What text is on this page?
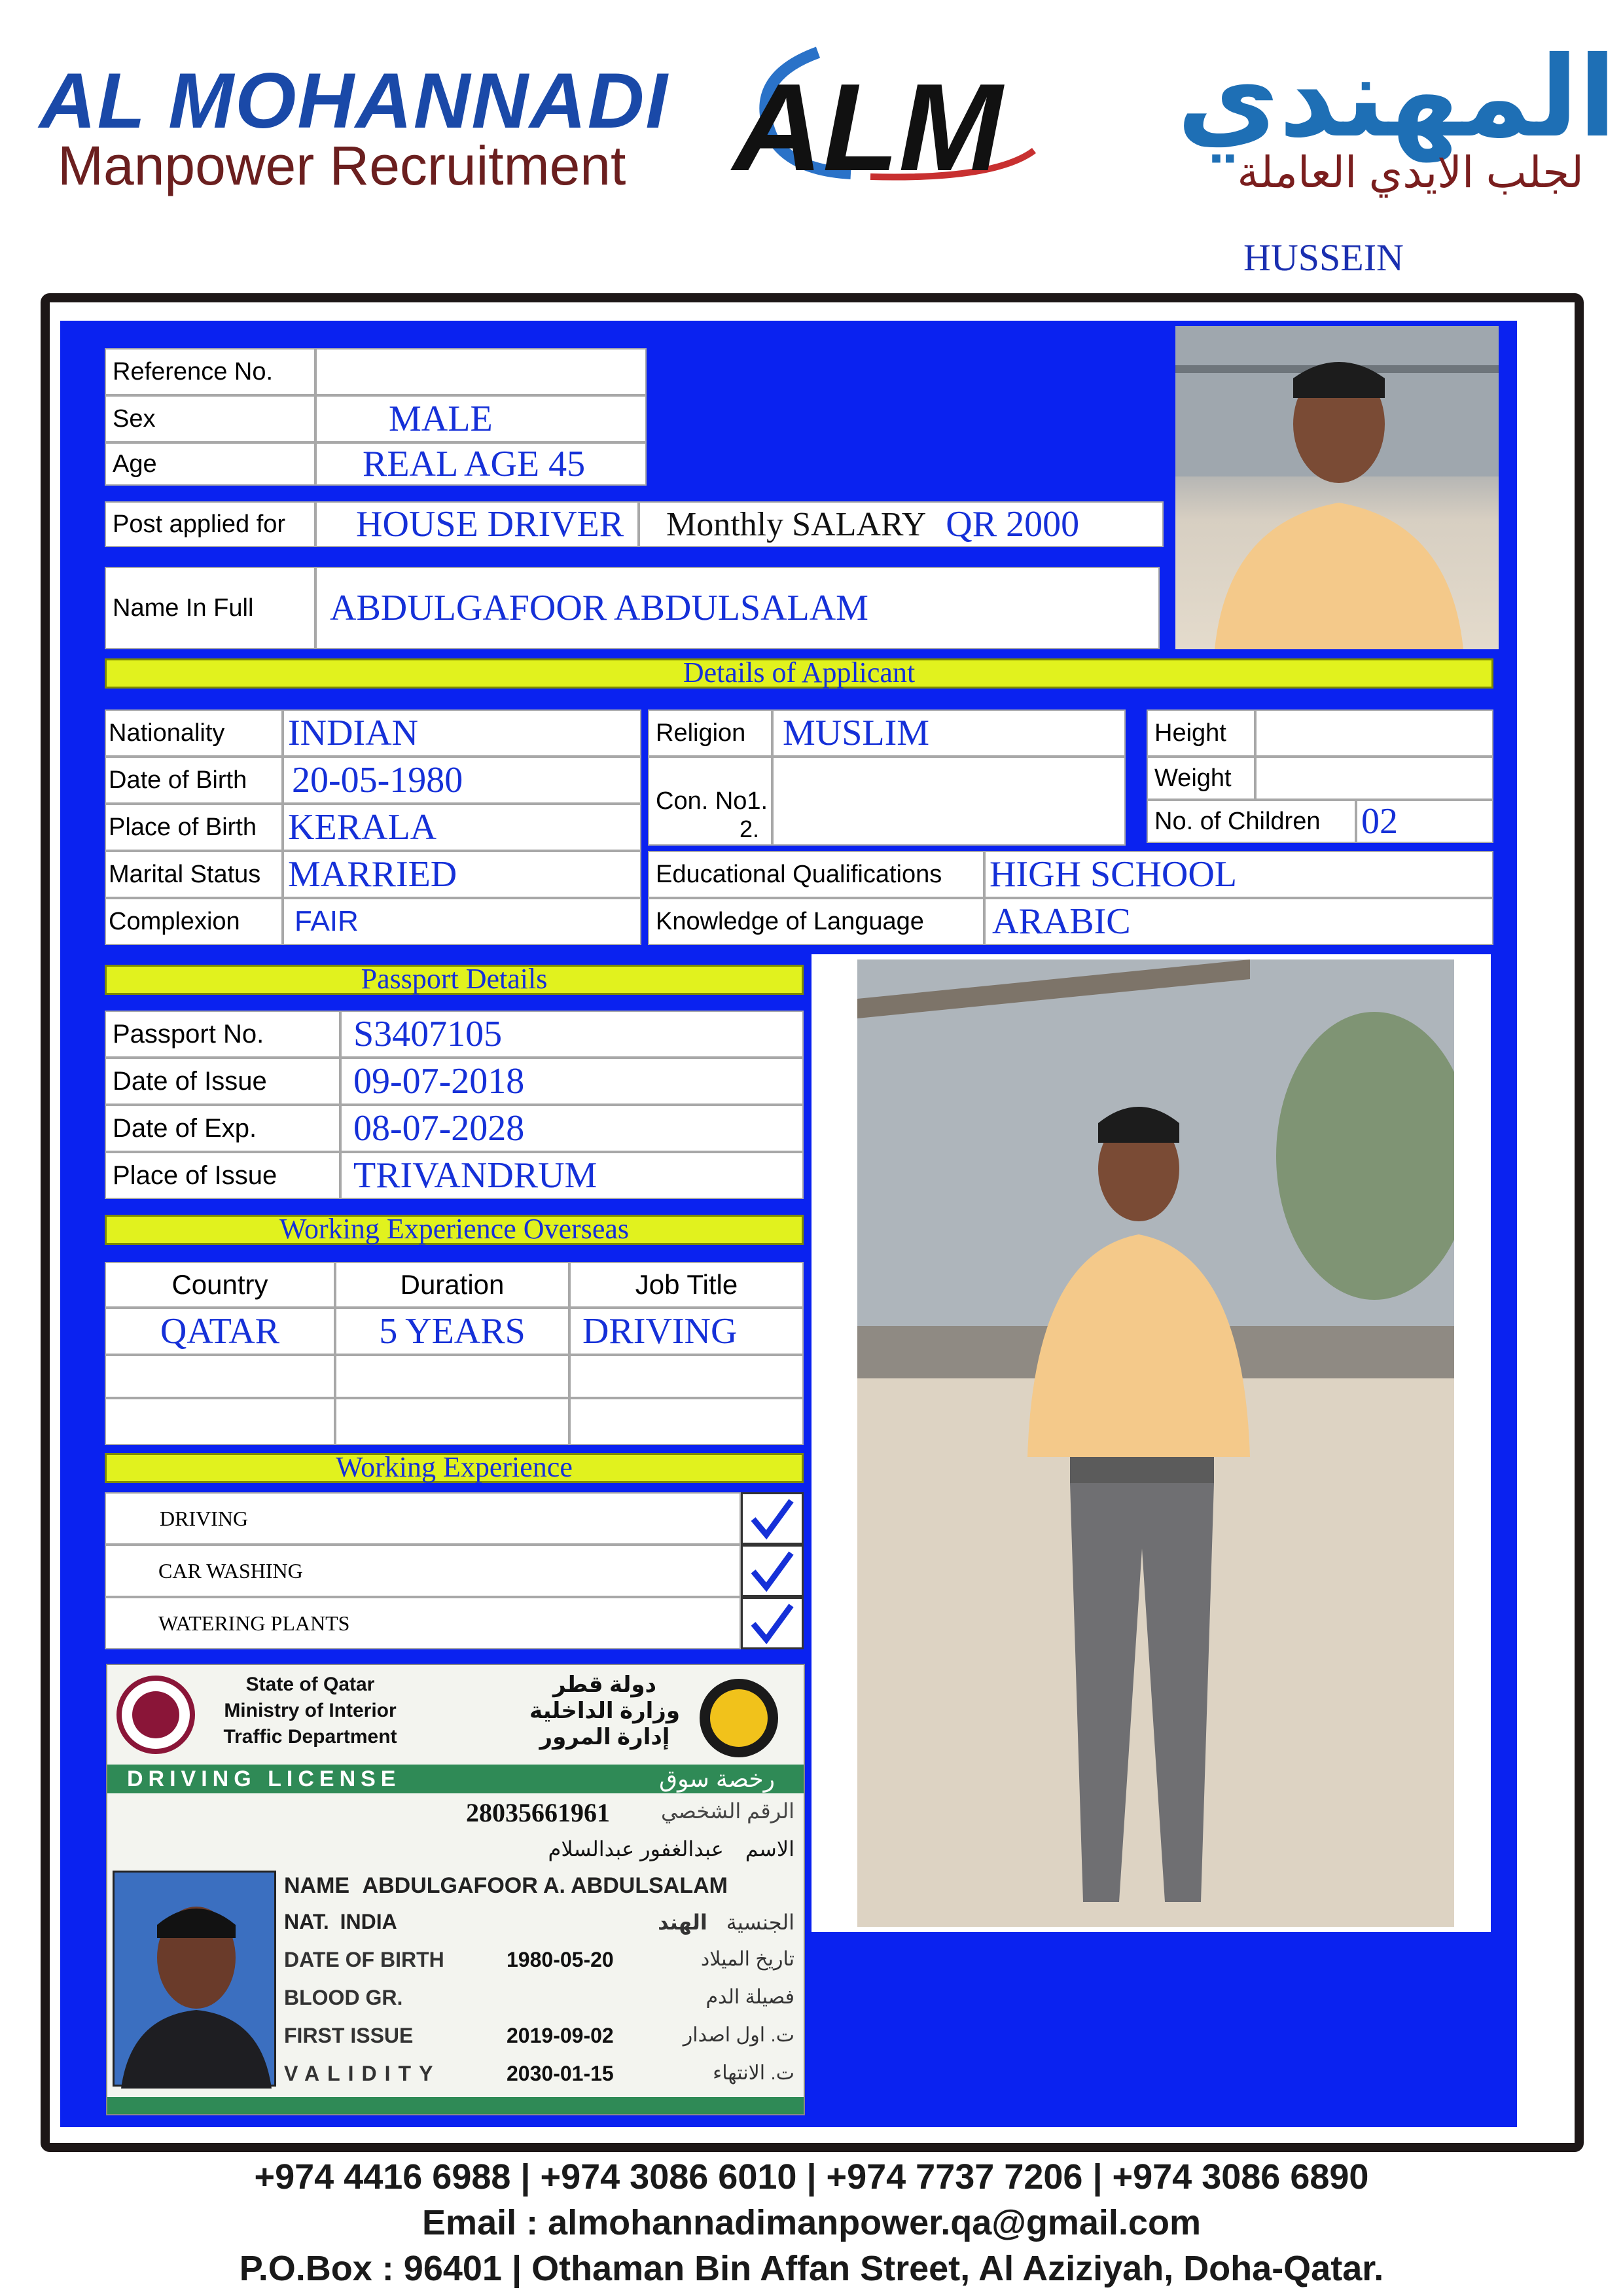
AL MOHANNADI
Manpower Recruitment ALM	المهندي
لجلب الايدي العاملة
HUSSEIN
Reference No.
Sex	MALE
Age	REAL AGE 45
Post applied for	HOUSE DRIVER	Monthly SALARY QR 2000
Name In Full	ABDULGAFOOR ABDULSALAM
Details of Applicant
Nationality	INDIAN
Date of Birth	20-05-1980
Place of Birth KERALA
Marital Status MARRIED
Complexion	FAIR
Religion	MUSLIM
Con. No1.
2.
Height
Weight
No. of Children	02
Educational Qualifications	HIGH SCHOOL
Knowledge of Language	ARABIC
Passport Details
Passport No.	S3407105
Date of Issue	09-07-2018
Date of Exp.	08-07-2028
Place of Issue	TRIVANDRUM
Working Experience Overseas
Country	Duration	Job Title
QATAR	5 YEARS	DRIVING
Working Experience
DRIVING
CAR WASHING
WATERING PLANTS
State of Qatar
Ministry of Interior
Traffic Department
دولة قطر
وزارة الداخلية
إدارة المرور
DRIVING LICENSE	رخصة سوق
28035661961	الرقم الشخصي
الاسم عبدالغفور عبدالسلام
NAME ABDULGAFOOR A. ABDULSALAM
NAT. INDIA	الجنسية الهند
DATE OF BIRTH	1980-05-20	تاريخ الميلاد
BLOOD GR.	فصيلة الدم
FIRST ISSUE	2019-09-02	ت. اول اصدار
VALIDITY	2030-01-15	ت. الانتهاء
+974 4416 6988 | +974 3086 6010 | +974 7737 7206 | +974 3086 6890
Email : almohannadimanpower.qa@gmail.com
P.O.Box : 96401 | Othaman Bin Affan Street, Al Aziziyah, Doha-Qatar.
